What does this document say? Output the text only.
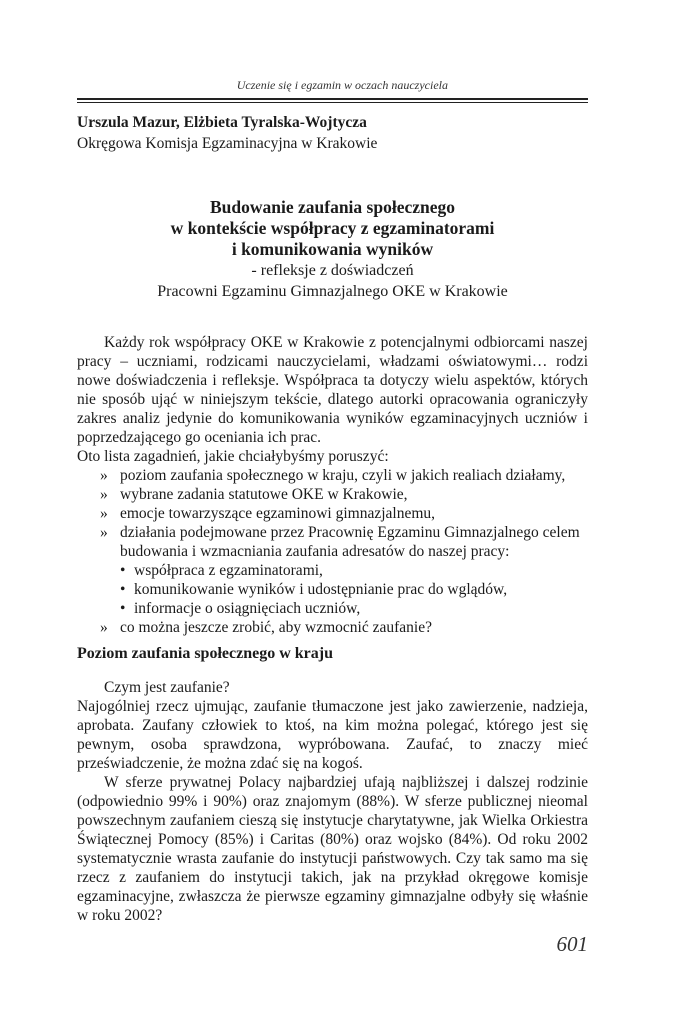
Uczenie się i egzamin w oczach nauczyciela
Urszula Mazur, Elżbieta Tyralska-Wojtycza
Okręgowa Komisja Egzaminacyjna w Krakowie
Budowanie zaufania społecznego
w kontekście współpracy z egzaminatorami
i komunikowania wyników
- refleksje z doświadczeń
Pracowni Egzaminu Gimnazjalnego OKE w Krakowie

Każdy rok współpracy OKE w Krakowie z potencjalnymi odbiorcami naszej pracy – uczniami, rodzicami nauczycielami, władzami oświatowymi… rodzi nowe doświadczenia i refleksje. Współpraca ta dotyczy wielu aspektów, których nie sposób ująć w niniejszym tekście, dlatego autorki opracowania ograniczyły zakres analiz jedynie do komunikowania wyników egzaminacyjnych uczniów i poprzedzającego go oceniania ich prac.

Oto lista zagadnień, jakie chciałybyśmy poruszyć:

» poziom zaufania społecznego w kraju, czyli w jakich realiach działamy,
» wybrane zadania statutowe OKE w Krakowie,
» emocje towarzyszące egzaminowi gimnazjalnemu,
» działania podejmowane przez Pracownię Egzaminu Gimnazjalnego celem budowania i wzmacniania zaufania adresatów do naszej pracy:
• współpraca z egzaminatorami,
• komunikowanie wyników i udostępnianie prac do wglądów,
• informacje o osiągnięciach uczniów,
» co można jeszcze zrobić, aby wzmocnić zaufanie?
Poziom zaufania społecznego w kraju

Czym jest zaufanie?

Najogólniej rzecz ujmując, zaufanie tłumaczone jest jako zawierzenie, nadzieja, aprobata. Zaufany człowiek to ktoś, na kim można polegać, którego jest się pewnym, osoba sprawdzona, wypróbowana. Zaufać, to znaczy mieć przeświadczenie, że można zdać się na kogoś.

W sferze prywatnej Polacy najbardziej ufają najbliższej i dalszej rodzinie (odpowiednio 99% i 90%) oraz znajomym (88%). W sferze publicznej nieomal powszechnym zaufaniem cieszą się instytucje charytatywne, jak Wielka Orkiestra Świątecznej Pomocy (85%) i Caritas (80%) oraz wojsko (84%). Od roku 2002 systematycznie wrasta zaufanie do instytucji państwowych. Czy tak samo ma się rzecz z zaufaniem do instytucji takich, jak na przykład okręgowe komisje egzaminacyjne, zwłaszcza że pierwsze egzaminy gimnazjalne odbyły się właśnie w roku 2002?

601
